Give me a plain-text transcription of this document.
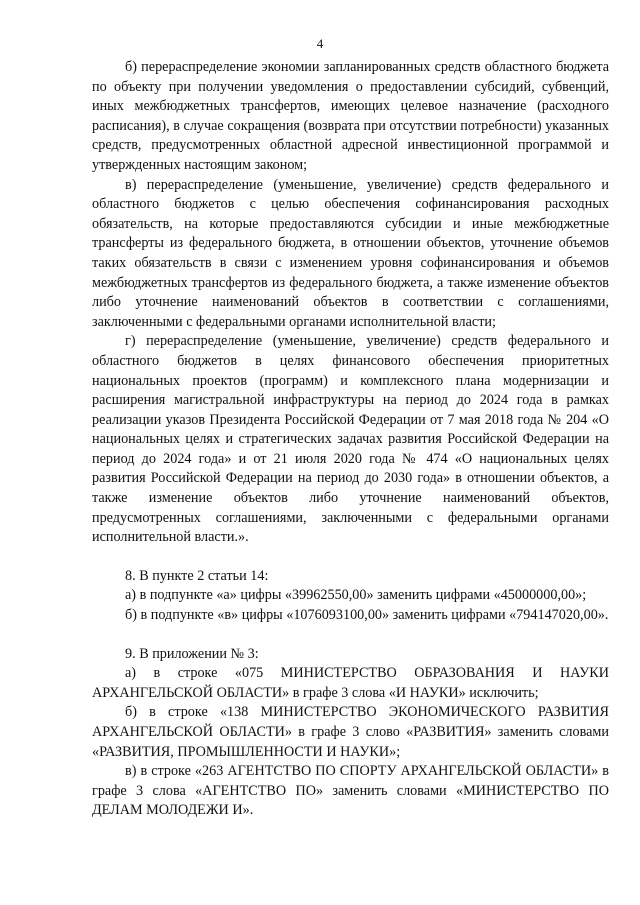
4

б) перераспределение экономии запланированных средств областного бюджета по объекту при получении уведомления о предоставлении субсидий, субвенций, иных межбюджетных трансфертов, имеющих целевое назначение (расходного расписания), в случае сокращения (возврата при отсутствии потребности) указанных средств, предусмотренных областной адресной инвестиционной программой и утвержденных настоящим законом;

в) перераспределение (уменьшение, увеличение) средств федерального и областного бюджетов с целью обеспечения софинансирования расходных обязательств, на которые предоставляются субсидии и иные межбюджетные трансферты из федерального бюджета, в отношении объектов, уточнение объемов таких обязательств в связи с изменением уровня софинансирования и объемов межбюджетных трансфертов из федерального бюджета, а также изменение объектов либо уточнение наименований объектов в соответствии с соглашениями, заключенными с федеральными органами исполнительной власти;

г) перераспределение (уменьшение, увеличение) средств федерального и областного бюджетов в целях финансового обеспечения приоритетных национальных проектов (программ) и комплексного плана модернизации и расширения магистральной инфраструктуры на период до 2024 года в рамках реализации указов Президента Российской Федерации от 7 мая 2018 года № 204 «О национальных целях и стратегических задачах развития Российской Федерации на период до 2024 года» и от 21 июля 2020 года № 474 «О национальных целях развития Российской Федерации на период до 2030 года» в отношении объектов, а также изменение объектов либо уточнение наименований объектов, предусмотренных соглашениями, заключенными с федеральными органами исполнительной власти.».

8. В пункте 2 статьи 14:

а) в подпункте «а» цифры «39962550,00» заменить цифрами «45000000,00»;

б) в подпункте «в» цифры «1076093100,00» заменить цифрами «794147020,00».

9. В приложении № 3:

а) в строке «075 МИНИСТЕРСТВО ОБРАЗОВАНИЯ И НАУКИ АРХАНГЕЛЬСКОЙ ОБЛАСТИ» в графе 3 слова «И НАУКИ» исключить;

б) в строке «138 МИНИСТЕРСТВО ЭКОНОМИЧЕСКОГО РАЗВИТИЯ АРХАНГЕЛЬСКОЙ ОБЛАСТИ» в графе 3 слово «РАЗВИТИЯ» заменить словами «РАЗВИТИЯ, ПРОМЫШЛЕННОСТИ И НАУКИ»;

в) в строке «263 АГЕНТСТВО ПО СПОРТУ АРХАНГЕЛЬСКОЙ ОБЛАСТИ» в графе 3 слова «АГЕНТСТВО ПО» заменить словами «МИНИСТЕРСТВО ПО ДЕЛАМ МОЛОДЕЖИ И».
